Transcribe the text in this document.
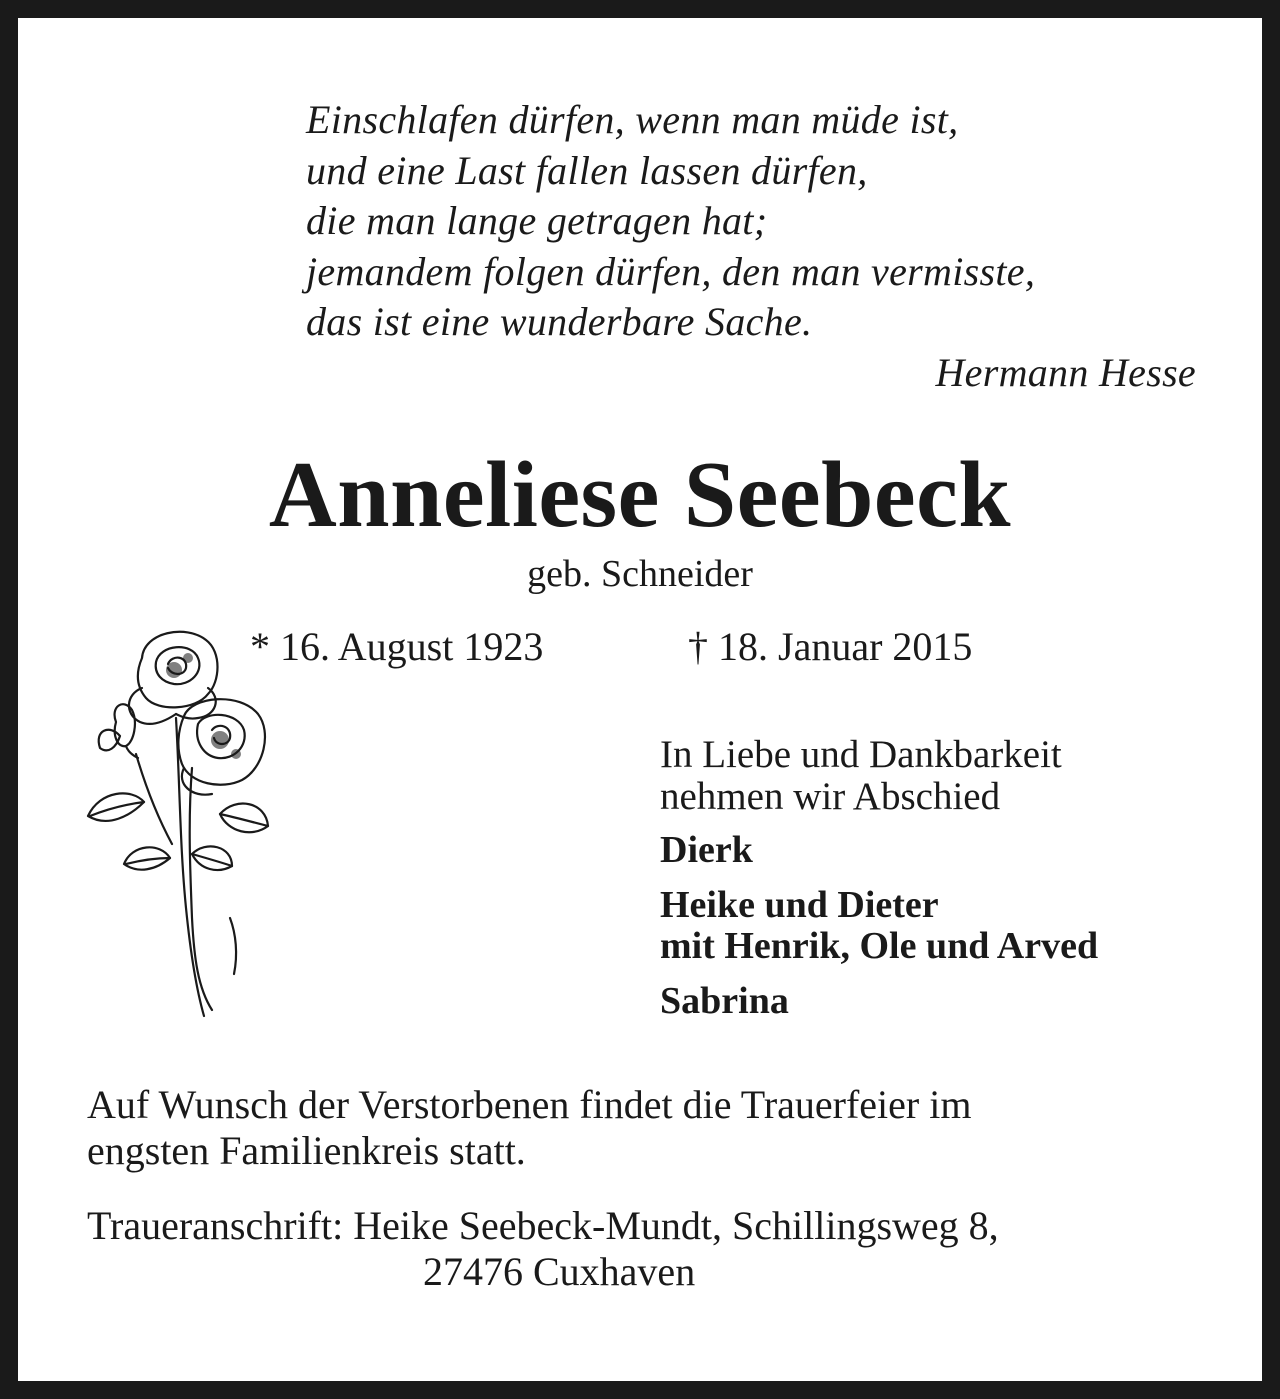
Einschlafen dürfen, wenn man müde ist,
und eine Last fallen lassen dürfen,
die man lange getragen hat;
jemandem folgen dürfen, den man vermisste,
das ist eine wunderbare Sache.
Hermann Hesse
Anneliese Seebeck
geb. Schneider
* 16. August 1923	† 18. Januar 2015
In Liebe und Dankbarkeit
nehmen wir Abschied
Dierk
Heike und Dieter
mit Henrik, Ole und Arved
Sabrina
Auf Wunsch der Verstorbenen findet die Trauerfeier im
engsten Familienkreis statt.
Traueranschrift: Heike Seebeck-Mundt, Schillingsweg 8,
27476 Cuxhaven
